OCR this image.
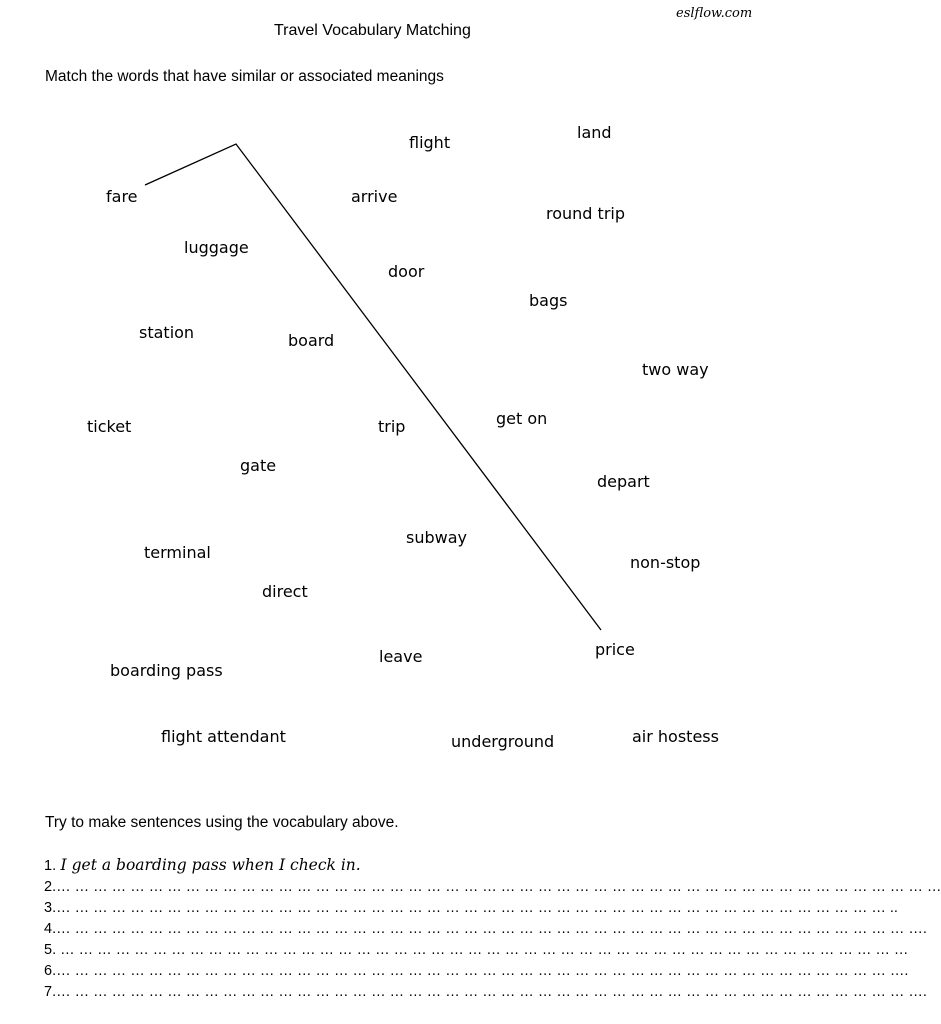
eslflow.com
Travel Vocabulary Matching
Match the words that have similar or associated meanings
fare
luggage
station
ticket
gate
terminal
boarding pass
flight attendant
board
direct
flight
arrive
door
trip
subway
leave
land
round trip
bags
get on
two way
depart
non-stop
price
underground	air hostess
Try to make sentences using the vocabulary above.
1. I get a boarding pass when I check in.
2.… … … … … … … … … … … … … … … … … … … … … … … … … … … … … … … … … … … … … … … … … … … … … … … …
3.… … … … … … … … … … … … … … … … … … … … … … … … … … … … … … … … … … … … … … … … … … … … … ..
4.… … … … … … … … … … … … … … … … … … … … … … … … … … … … … … … … … … … … … … … … … … … … … … ….
5. … … … … … … … … … … … … … … … … … … … … … … … … … … … … … … … … … … … … … … … … … … … … … …
6.… … … … … … … … … … … … … … … … … … … … … … … … … … … … … … … … … … … … … … … … … … … … … ….
7.… … … … … … … … … … … … … … … … … … … … … … … … … … … … … … … … … … … … … … … … … … … … … … ….
